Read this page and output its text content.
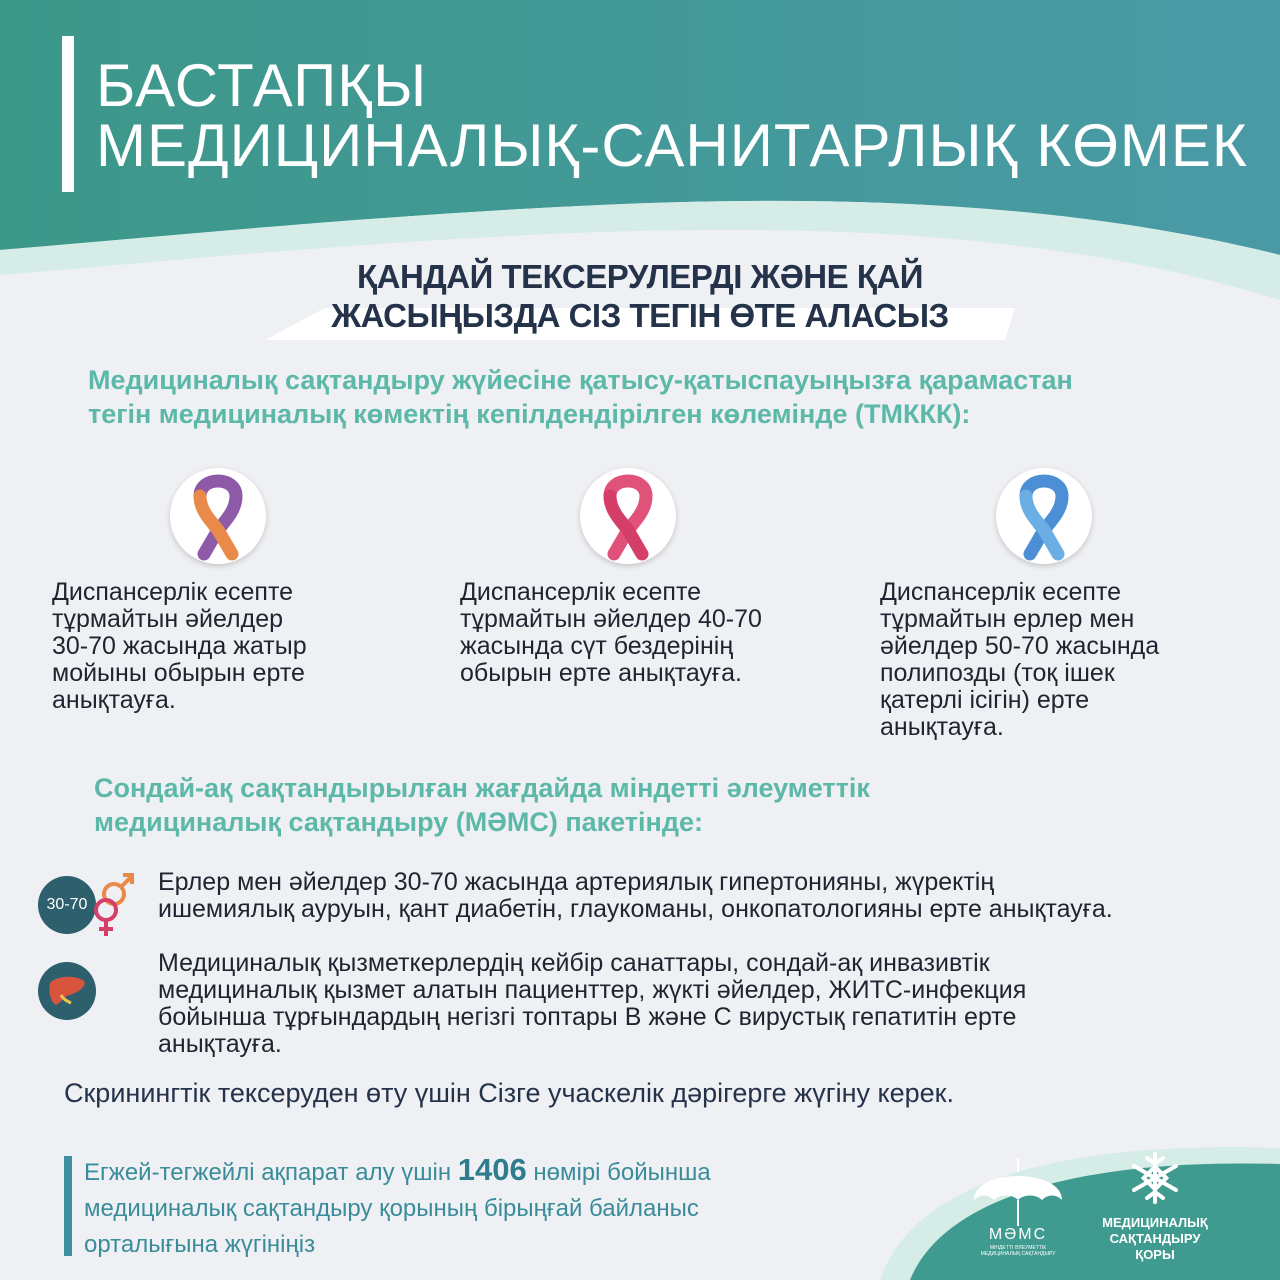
БАСТАПҚЫ
МЕДИЦИНАЛЫҚ-САНИТАРЛЫҚ КӨМЕК
ҚАНДАЙ ТЕКСЕРУЛЕРДІ ЖӘНЕ ҚАЙ
ЖАСЫҢЫЗДА СІЗ ТЕГІН ӨТЕ АЛАСЫЗ
Медициналық сақтандыру жүйесіне қатысу-қатыспауыңызға қарамастан
тегін медициналық көмектің кепілдендірілген көлемінде (ТМККК):
Диспансерлік есепте
тұрмайтын әйелдер
30-70 жасында жатыр
мойыны обырын ерте
анықтауға.
Диспансерлік есепте
тұрмайтын әйелдер 40-70
жасында сүт бездерінің
обырын ерте анықтауға.
Диспансерлік есепте
тұрмайтын ерлер мен
әйелдер 50-70 жасында
полипозды (тоқ ішек
қатерлі ісігін) ерте
анықтауға.
Сондай-ақ сақтандырылған жағдайда міндетті әлеуметтік
медициналық сақтандыру (МӘМС) пакетінде:
30-70
Ерлер мен әйелдер 30-70 жасында артериялық гипертонияны, жүректің
ишемиялық ауруын, қант диабетін, глаукоманы, онкопатологияны ерте анықтауға.
Медициналық қызметкерлердің кейбір санаттары, сондай-ақ инвазивтік
медициналық қызмет алатын пациенттер, жүкті әйелдер, ЖИТС-инфекция
бойынша тұрғындардың негізгі топтары В және С вирустық гепатитін ерте
анықтауға.
Скринингтік тексеруден өту үшін Сізге учаскелік дәрігерге жүгіну керек.
Егжей-тегжейлі ақпарат алу үшін 1406 нөмірі бойынша
медициналық сақтандыру қорының бірыңғай байланыс
орталығына жүгініңіз	МӘМС
МІНДЕТТІ ӘЛЕУМЕТТІК
МЕДИЦИНАЛЫҚ САҚТАНДЫРУ
МЕДИЦИНАЛЫҚ
САҚТАНДЫРУ
ҚОРЫ
